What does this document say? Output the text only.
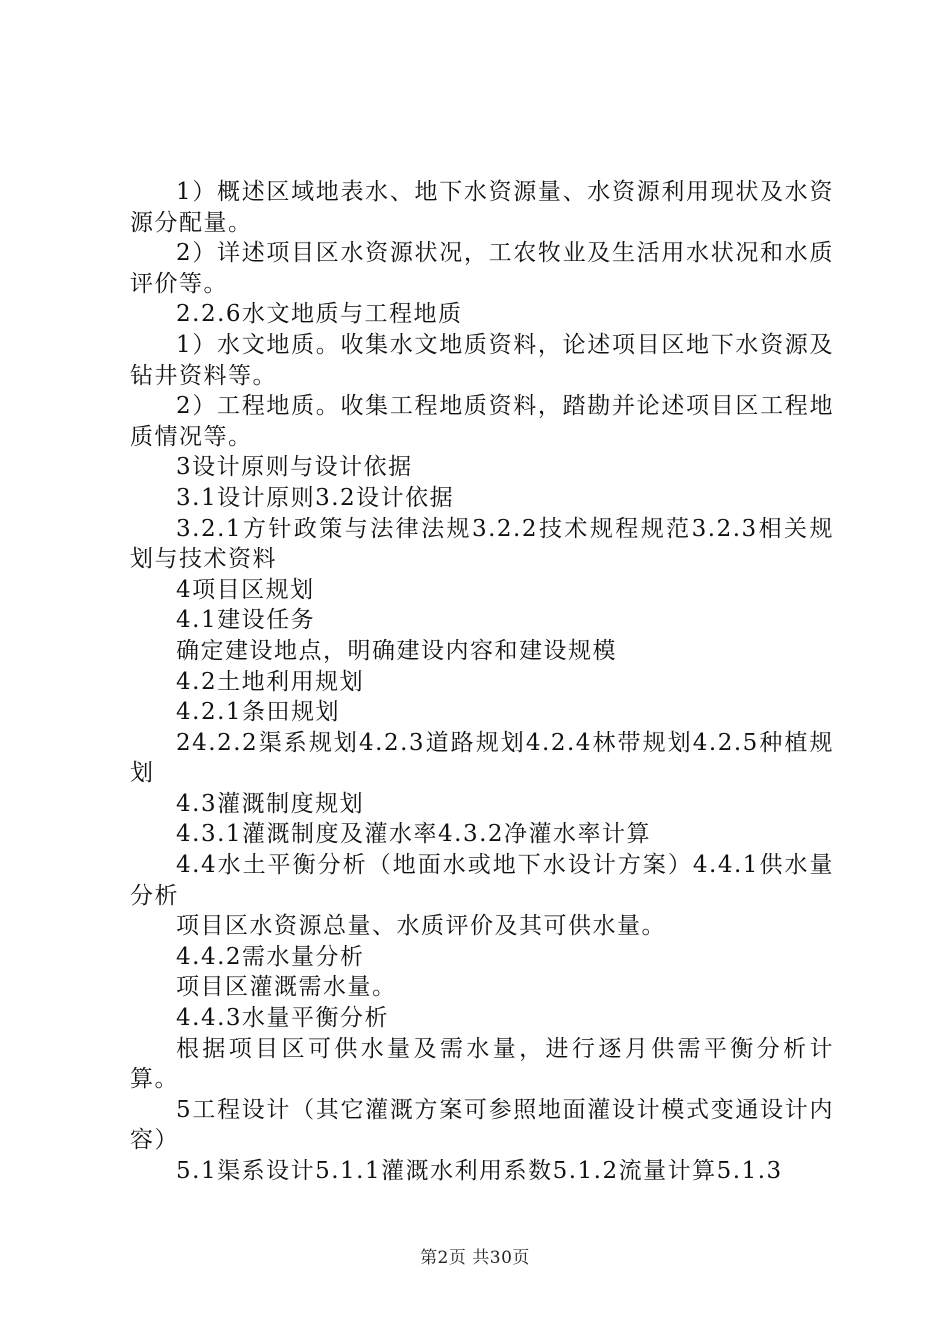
1）概述区域地表水、地下水资源量、水资源利用现状及水资源分配量。

2）详述项目区水资源状况，工农牧业及生活用水状况和水质评价等。

2.2.6水文地质与工程地质

1）水文地质。收集水文地质资料，论述项目区地下水资源及钻井资料等。

2）工程地质。收集工程地质资料，踏勘并论述项目区工程地质情况等。

3设计原则与设计依据

3.1设计原则3.2设计依据

3.2.1方针政策与法律法规3.2.2技术规程规范3.2.3相关规划与技术资料

4项目区规划

4.1建设任务

确定建设地点，明确建设内容和建设规模

4.2土地利用规划

4.2.1条田规划

24.2.2渠系规划4.2.3道路规划4.2.4林带规划4.2.5种植规划

4.3灌溉制度规划

4.3.1灌溉制度及灌水率4.3.2净灌水率计算

4.4水土平衡分析（地面水或地下水设计方案）4.4.1供水量分析

项目区水资源总量、水质评价及其可供水量。

4.4.2需水量分析

项目区灌溉需水量。

4.4.3水量平衡分析

根据项目区可供水量及需水量，进行逐月供需平衡分析计算。

5工程设计（其它灌溉方案可参照地面灌设计模式变通设计内容）

5.1渠系设计5.1.1灌溉水利用系数5.1.2流量计算5.1.3

第2页 共30页
